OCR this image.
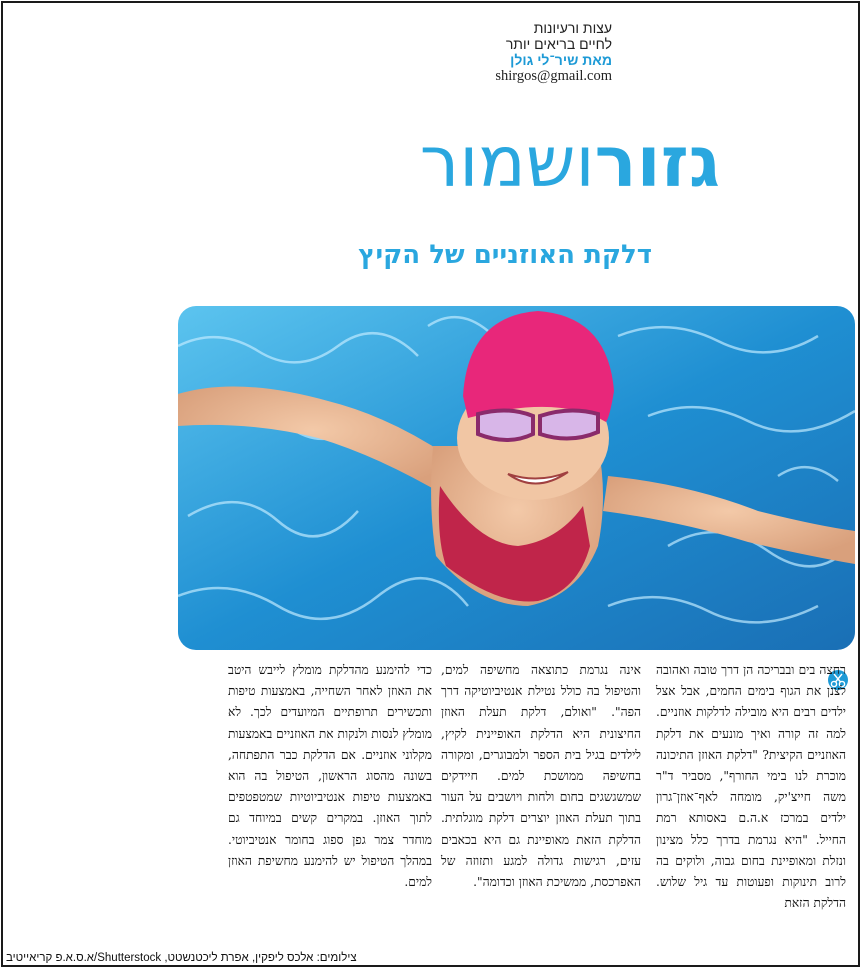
עצות ורעיונות
לחיים בריאים יותר
מאת שיר־לי גולן
shirgos@gmail.com
גזורושמור
דלקת האוזניים של הקיץ
רחצה בים ובבריכה הן דרך טובה ואהובה לצנן את הגוף בימים החמים, אבל אצל ילדים רבים היא מובילה לדלקות אוזניים. למה זה קורה ואיך מונעים את דלקת האוזניים הקיצית? "דלקת האוזן התיכונה מוכרת לנו בימי החורף", מסביר ד"ר משה חייצ'יק, מומחה לאף־אוזן־גרון ילדים במרכז א.ה.ם באסותא רמת החייל. "היא נגרמת בדרך כלל מצינון ונזלת ומאופיינת בחום גבוה, ולוקים בה לרוב תינוקות ופעוטות עד גיל שלוש. הדלקת הזאת
אינה נגרמת כתוצאה מחשיפה למים, והטיפול בה כולל נטילת אנטיביוטיקה דרך הפה". "ואולם, דלקת תעלת האוזן החיצונית היא הדלקת האופיינית לקיץ, לילדים בגיל בית הספר ולמבוגרים, ומקורה בחשיפה ממושכת למים. חיידקים שמשגשגים בחום ולחות ויושבים על העור בתוך תעלת האוזן יוצרים דלקת מוגלתית. הדלקת הזאת מאופיינת גם היא בכאבים עזים, רגישות גדולה למגע ותזוזה של האפרכסת, ממשיכת האוזן וכדומה".
כדי להימנע מהדלקת מומלץ לייבש היטב את האוזן לאחר השחייה, באמצעות טיפות ותכשירים תרופתיים המיועדים לכך. לא מומלץ לנסות ולנקות את האוזניים באמצעות מקלוני אוזניים. אם הדלקת כבר התפתחה, בשונה מהסוג הראשון, הטיפול בה הוא באמצעות טיפות אנטיביוטיות שמטפטפים לתוך האוזן. במקרים קשים במיוחד גם מוחדר צמר גפן ספוג בחומר אנטיביוטי. במהלך הטיפול יש להימנע מחשיפת האוזן למים.
צילומים: אלכס ליפקין, אפרת ליכטנשטט, Shutterstock/א.ס.א.פ קריאייטיב
